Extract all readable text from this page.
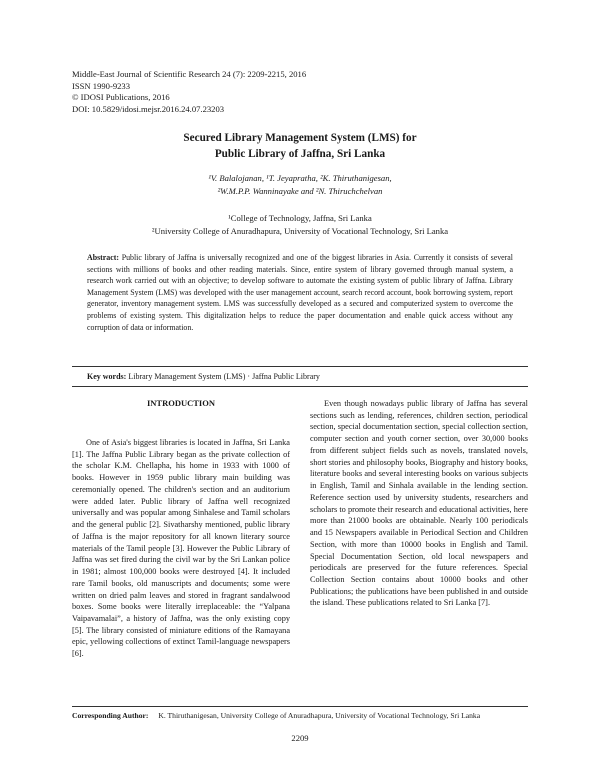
Middle-East Journal of Scientific Research 24 (7): 2209-2215, 2016
ISSN 1990-9233
© IDOSI Publications, 2016
DOI: 10.5829/idosi.mejsr.2016.24.07.23203
Secured Library Management System (LMS) for
Public Library of Jaffna, Sri Lanka
¹V. Balalojanan, ¹T. Jeyapratha, ²K. Thiruthanigesan,
²W.M.P.P. Wanninayake and ²N. Thiruchchelvan
¹College of Technology, Jaffna, Sri Lanka
²University College of Anuradhapura, University of Vocational Technology, Sri Lanka
Abstract: Public library of Jaffna is universally recognized and one of the biggest libraries in Asia. Currently it consists of several sections with millions of books and other reading materials. Since, entire system of library governed through manual system, a research work carried out with an objective; to develop software to automate the existing system of public library of Jaffna. Library Management System (LMS) was developed with the user management account, search record account, book borrowing system, report generator, inventory management system. LMS was successfully developed as a secured and computerized system to overcome the problems of existing system. This digitalization helps to reduce the paper documentation and enable quick access without any corruption of data or information.
Key words: Library Management System (LMS) · Jaffna Public Library
INTRODUCTION

One of Asia's biggest libraries is located in Jaffna, Sri Lanka [1]. The Jaffna Public Library began as the private collection of the scholar K.M. Chellapha, his home in 1933 with 1000 of books. However in 1959 public library main building was ceremonially opened. The children's section and an auditorium were added later. Public library of Jaffna well recognized universally and was popular among Sinhalese and Tamil scholars and the general public [2]. Sivatharshy mentioned, public library of Jaffna is the major repository for all known literary source materials of the Tamil people [3]. However the Public Library of Jaffna was set fired during the civil war by the Sri Lankan police in 1981; almost 100,000 books were destroyed [4]. It included rare Tamil books, old manuscripts and documents; some were written on dried palm leaves and stored in fragrant sandalwood boxes. Some books were literally irreplaceable: the “Yalpana Vaipavamalai”, a history of Jaffna, was the only existing copy [5]. The library consisted of miniature editions of the Ramayana epic, yellowing collections of extinct Tamil-language newspapers [6].

Even though nowadays public library of Jaffna has several sections such as lending, references, children section, periodical section, special documentation section, special collection section, computer section and youth corner section, over 30,000 books from different subject fields such as novels, translated novels, short stories and philosophy books, Biography and history books, literature books and several interesting books on various subjects in English, Tamil and Sinhala available in the lending section. Reference section used by university students, researchers and scholars to promote their research and educational activities, here more than 21000 books are obtainable. Nearly 100 periodicals and 15 Newspapers available in Periodical Section and Children Section, with more than 10000 books in English and Tamil. Special Documentation Section, old local newspapers and periodicals are preserved for the future references. Special Collection Section contains about 10000 books and other Publications; the publications have been published in and outside the island. These publications related to Sri Lanka [7].

Corresponding Author: K. Thiruthanigesan, University College of Anuradhapura, University of Vocational Technology, Sri Lanka
2209
